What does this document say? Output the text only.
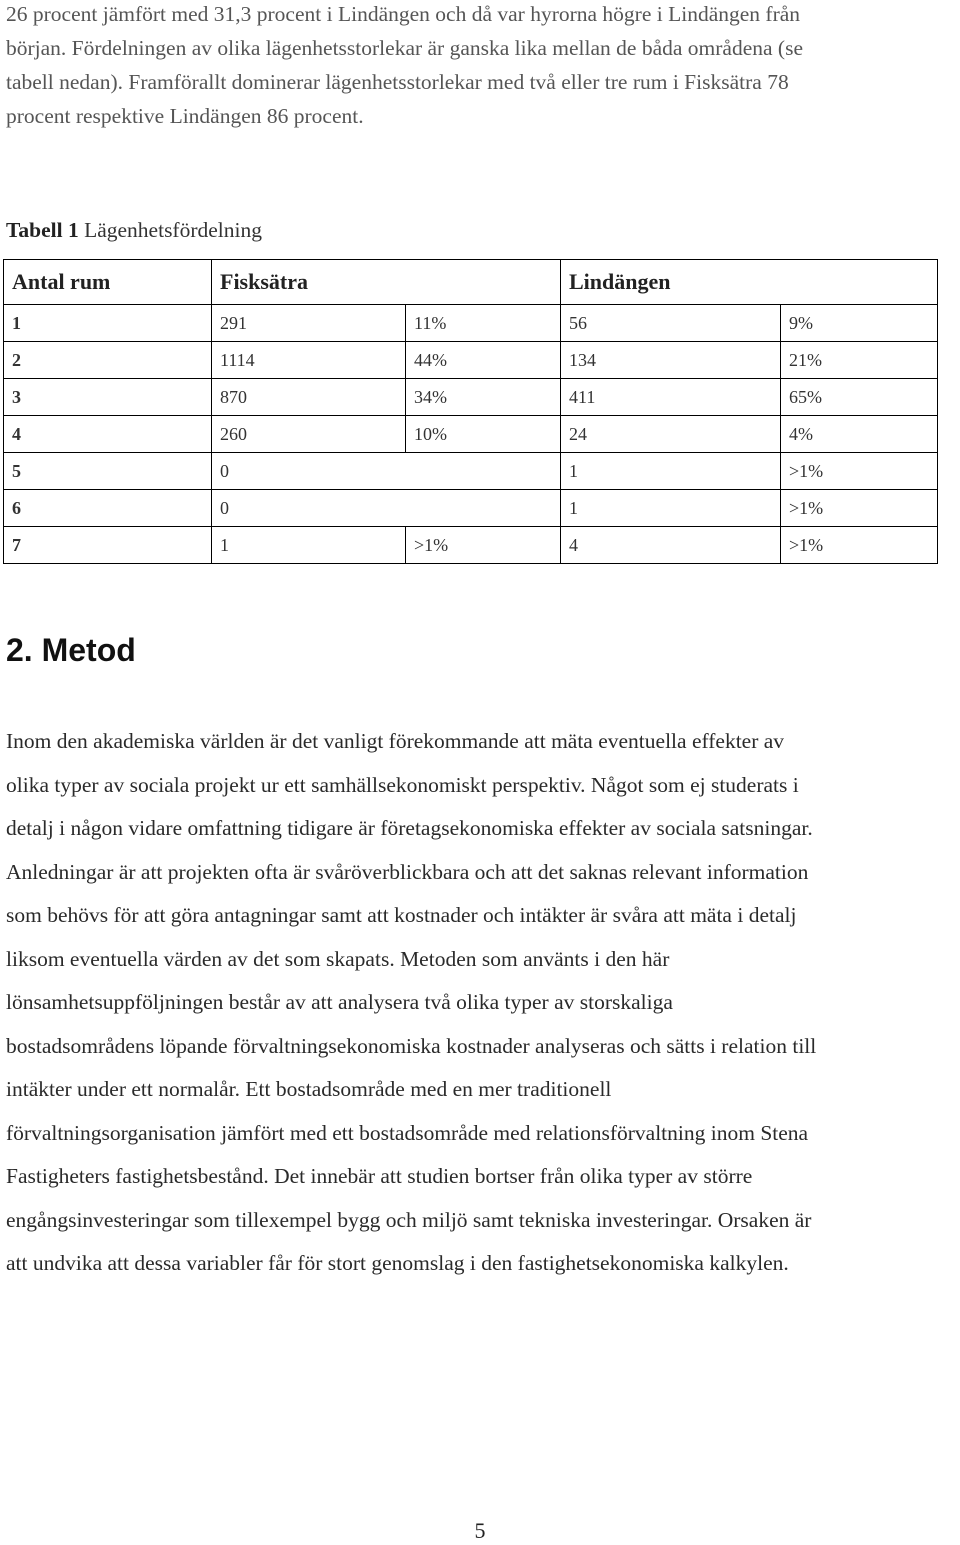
26 procent jämfört med 31,3 procent i Lindängen och då var hyrorna högre i Lindängen från

början. Fördelningen av olika lägenhetsstorlekar är ganska lika mellan de båda områdena (se

tabell nedan). Framförallt dominerar lägenhetsstorlekar med två eller tre rum i Fisksätra 78

procent respektive Lindängen 86 procent.

Tabell 1 Lägenhetsfördelning
Antal rum	Fisksätra		Lindängen	
1	291	11%	56	9%
2	1114	44%	134	21%
3	870	34%	411	65%
4	260	10%	24	4%
5	0		1	>1%
6	0		1	>1%
7	1	>1%	4	>1%
2. Metod

Inom den akademiska världen är det vanligt förekommande att mäta eventuella effekter av

olika typer av sociala projekt ur ett samhällsekonomiskt perspektiv. Något som ej studerats i

detalj i någon vidare omfattning tidigare är företagsekonomiska effekter av sociala satsningar.

Anledningar är att projekten ofta är svåröverblickbara och att det saknas relevant information

som behövs för att göra antagningar samt att kostnader och intäkter är svåra att mäta i detalj

liksom eventuella värden av det som skapats. Metoden som använts i den här

lönsamhetsuppföljningen består av att analysera två olika typer av storskaliga

bostadsområdens löpande förvaltningsekonomiska kostnader analyseras och sätts i relation till

intäkter under ett normalår. Ett bostadsområde med en mer traditionell

förvaltningsorganisation jämfört med ett bostadsområde med relationsförvaltning inom Stena

Fastigheters fastighetsbestånd. Det innebär att studien bortser från olika typer av större

engångsinvesteringar som tillexempel bygg och miljö samt tekniska investeringar. Orsaken är

att undvika att dessa variabler får för stort genomslag i den fastighetsekonomiska kalkylen.

5
